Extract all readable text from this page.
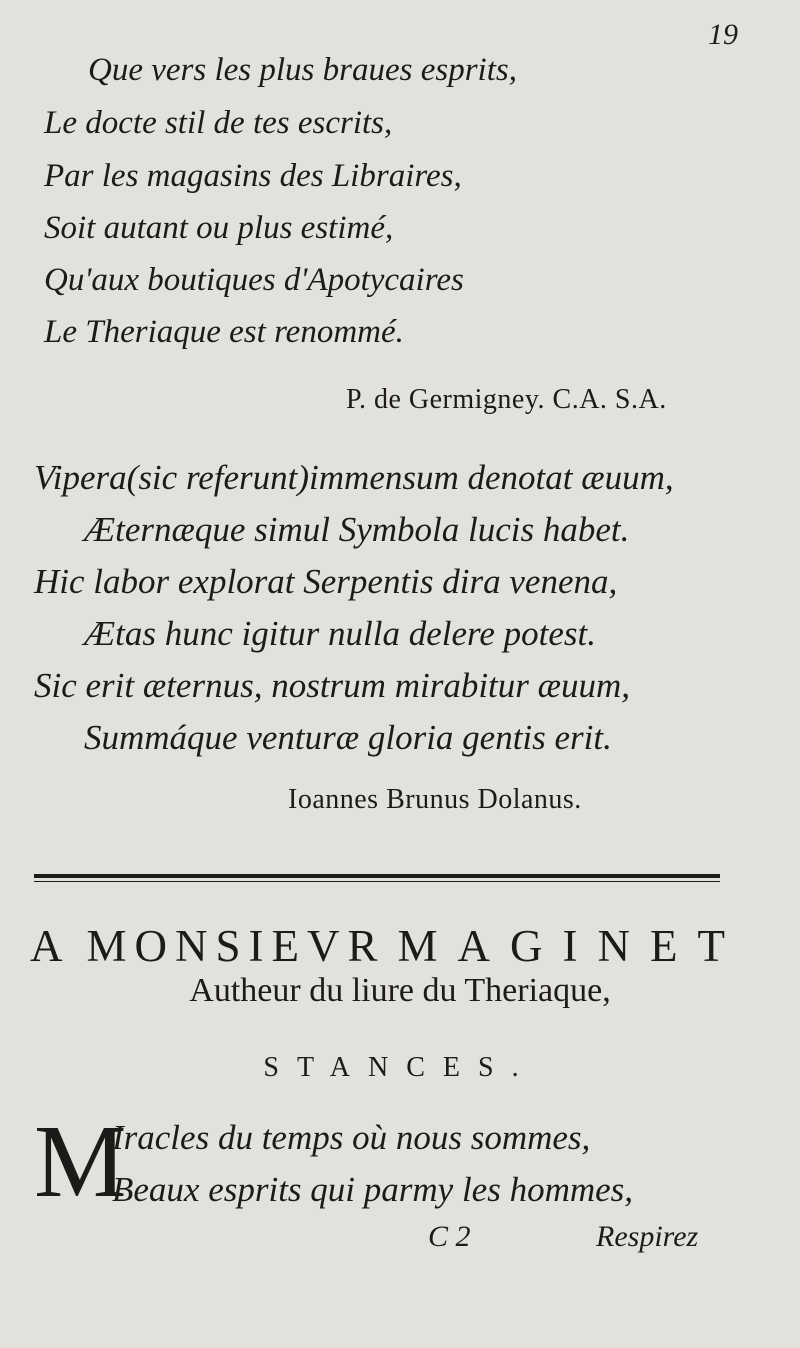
19
Que vers les plus braues esprits,
Le docte stil de tes escrits,
Par les magasins des Libraires,
Soit autant ou plus estimé,
Qu'aux boutiques d'Apotycaires
Le Theriaque est renommé.
P. de Germigney. C.A. S.A.
Vipera(sic referunt)immensum denotat æuum,
Æternæque simul Symbola lucis habet.
Hic labor explorat Serpentis dira venena,
Ætas hunc igitur nulla delere potest.
Sic erit æternus, nostrum mirabitur æuum,
Summáque venturæ gloria gentis erit.
Ioannes Brunus Dolanus.
A MONSIEVR MAGINET
Autheur du liure du Theriaque,
STANCES.
M
Iracles du temps où nous sommes,
Beaux esprits qui parmy les hommes,
C 2	Respirez
